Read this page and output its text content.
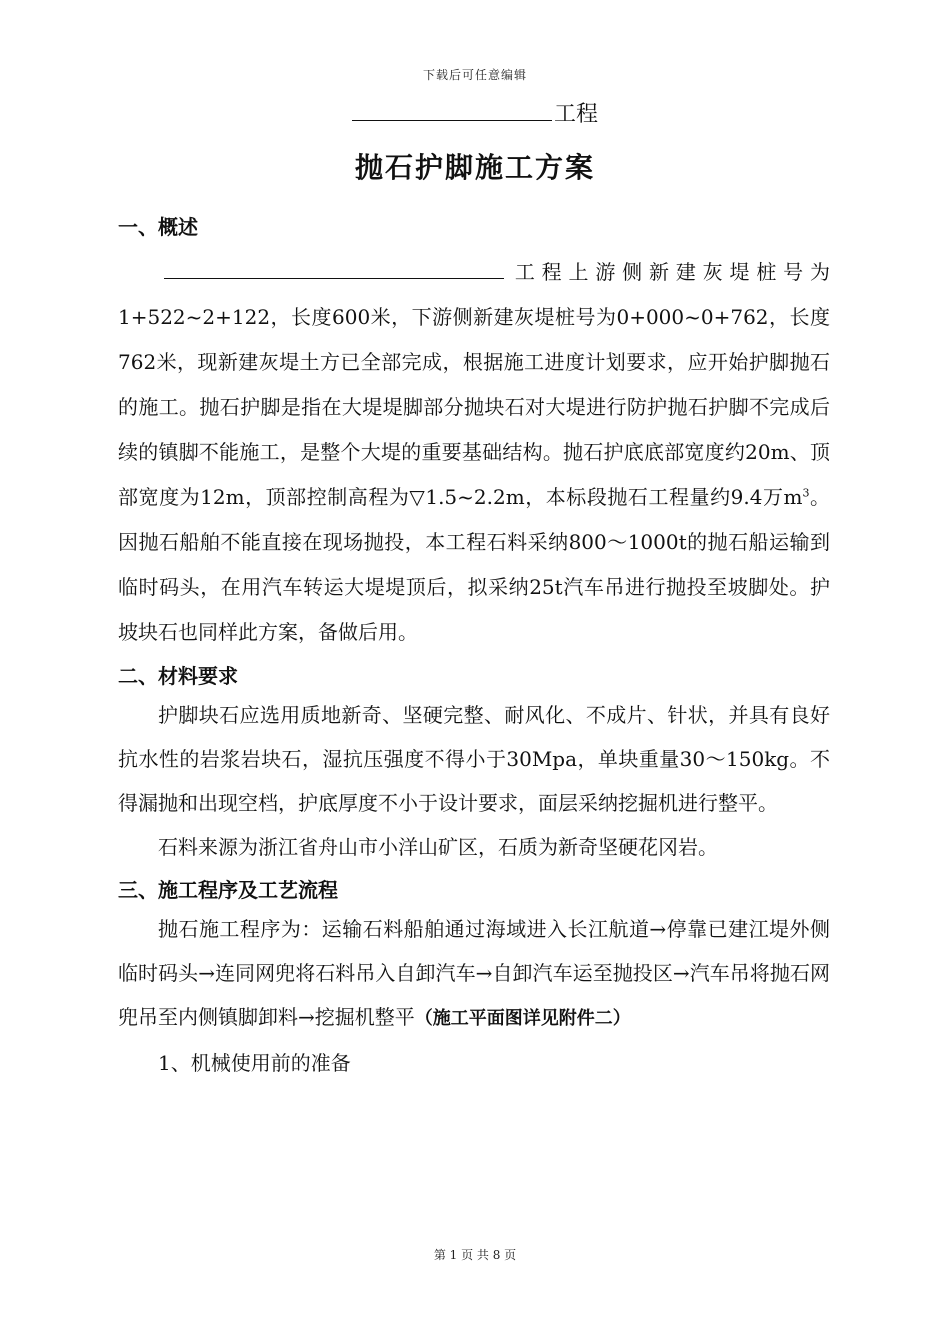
下载后可任意编辑
工程
抛石护脚施工方案
一、概述

工程上游侧新建灰堤桩号为1+522~2+122，长度600米，下游侧新建灰堤桩号为0+000~0+762，长度762米，现新建灰堤土方已全部完成，根据施工进度计划要求，应开始护脚抛石的施工。抛石护脚是指在大堤堤脚部分抛块石对大堤进行防护抛石护脚不完成后续的镇脚不能施工，是整个大堤的重要基础结构。抛石护底底部宽度约20m、顶部宽度为12m，顶部控制高程为▽1.5~2.2m，本标段抛石工程量约9.4万$m^3$。因抛石船舶不能直接在现场抛投，本工程石料采纳800～1000t的抛石船运输到临时码头，在用汽车转运大堤堤顶后，拟采纳25t汽车吊进行抛投至坡脚处。护坡块石也同样此方案，备做后用。

二、材料要求

护脚块石应选用质地新奇、坚硬完整、耐风化、不成片、针状，并具有良好抗水性的岩浆岩块石，湿抗压强度不得小于30Mpa，单块重量30～150kg。不得漏抛和出现空档，护底厚度不小于设计要求，面层采纳挖掘机进行整平。

石料来源为浙江省舟山市小洋山矿区，石质为新奇坚硬花冈岩。

三、施工程序及工艺流程

抛石施工程序为：运输石料船舶通过海域进入长江航道→停靠已建江堤外侧临时码头→连同网兜将石料吊入自卸汽车→自卸汽车运至抛投区→汽车吊将抛石网兜吊至内侧镇脚卸料→挖掘机整平（施工平面图详见附件二）

1、机械使用前的准备

第 1 页 共 8 页
